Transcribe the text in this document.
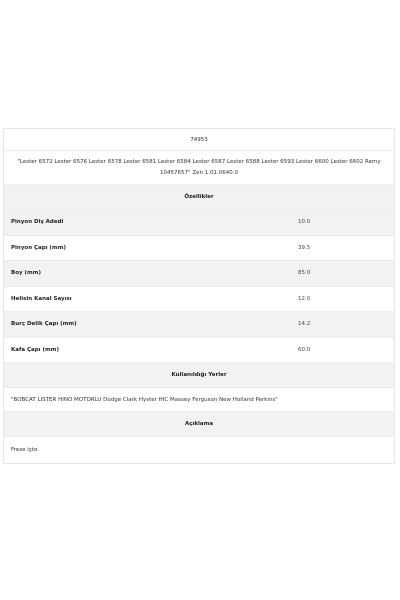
74953
"Lester 6572 Lester 6576 Lester 6578 Lester 6581 Lester 6584 Lester 6587 Lester 6588 Lester 6593 Lester 6600 Lester 6602 Remy 10457657" Zen 1.01.0640.0
Özellikler
Pinyon Diş Adedi	10.0
Pinyon Çapı (mm)	39.5
Boy (mm)	85.0
Helisin Kanal Sayısı	12.0
Burç Delik Çapı (mm)	14.2
Kafa Çapı (mm)	60.0
Kullanıldığı Yerler
"BOBCAT LISTER HINO MOTORLU Dodge Clark Hyster IHC Massey Ferguson New Holland Perkins"
Açıklama
Freze içte.
